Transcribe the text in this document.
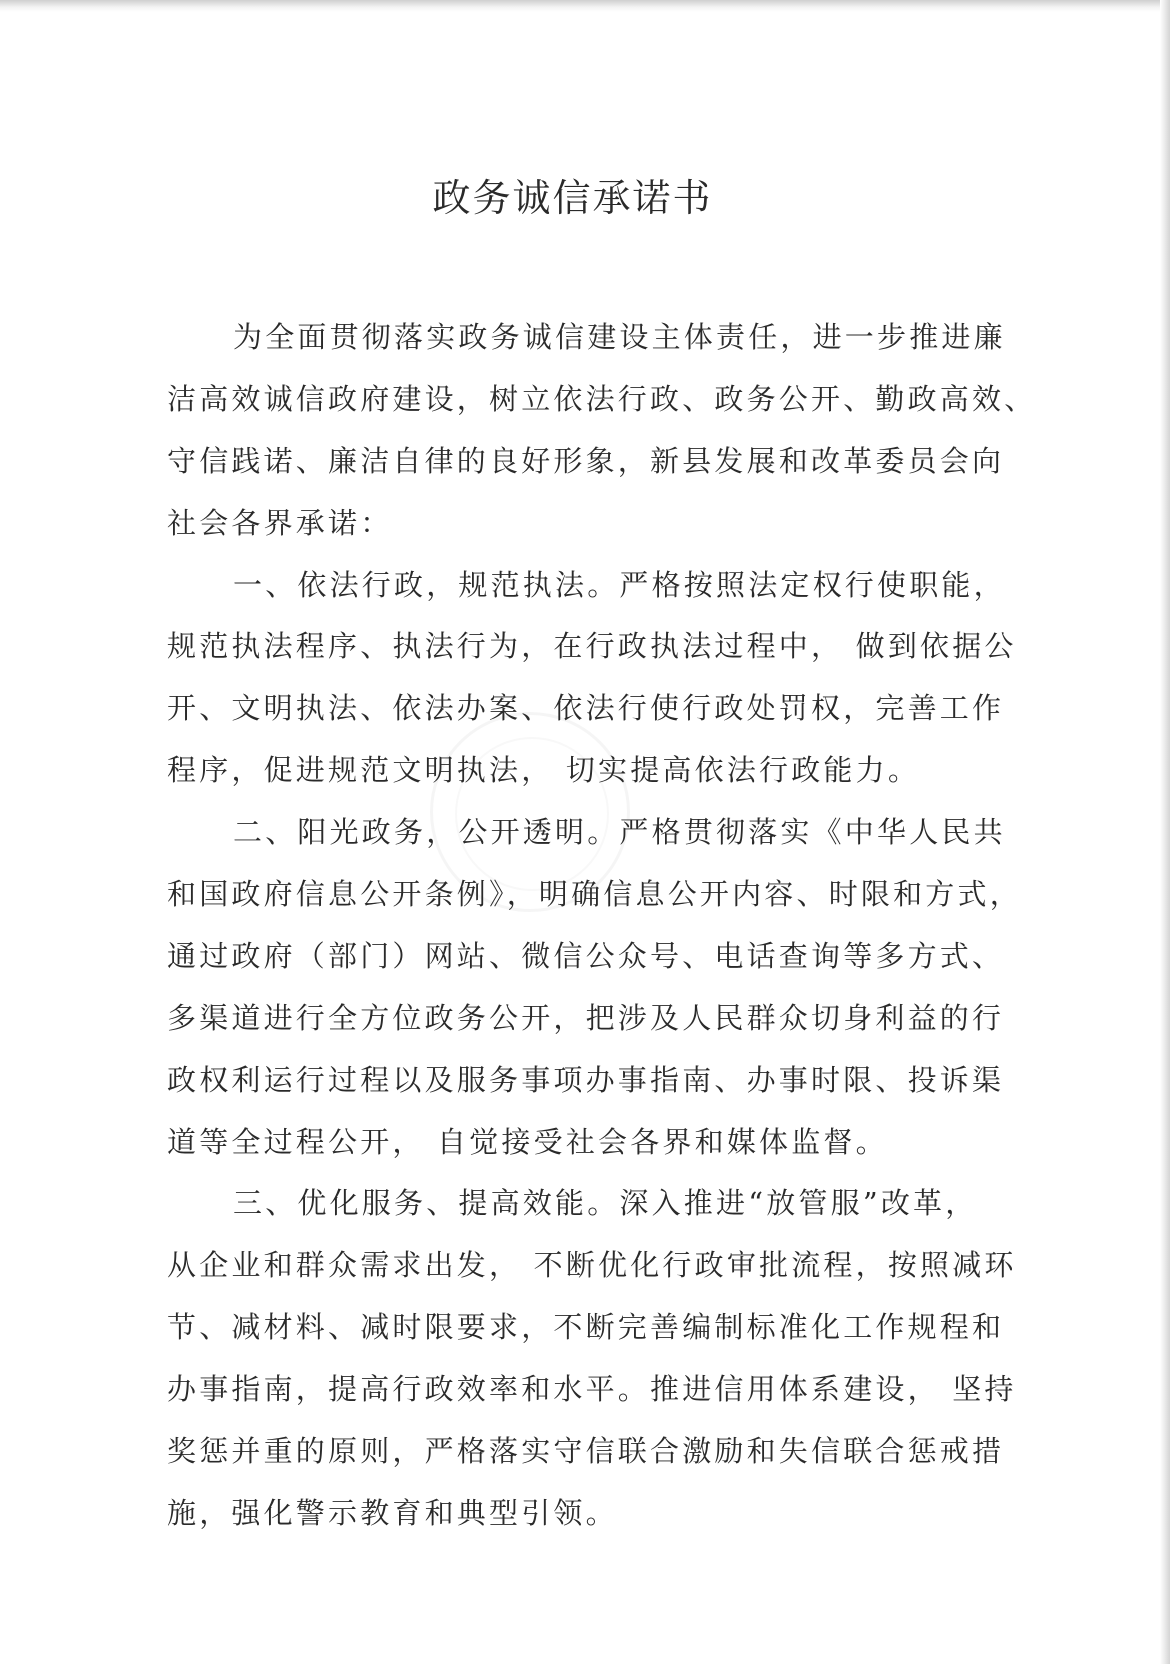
政务诚信承诺书
为全面贯彻落实政务诚信建设主体责任，进一步推进廉
洁高效诚信政府建设，树立依法行政、政务公开、勤政高效、
守信践诺、廉洁自律的良好形象，新县发展和改革委员会向
社会各界承诺：
一、依法行政，规范执法。严格按照法定权行使职能，
规范执法程序、执法行为，在行政执法过程中， 做到依据公
开、文明执法、依法办案、依法行使行政处罚权，完善工作
程序，促进规范文明执法， 切实提高依法行政能力。
二、阳光政务，公开透明。严格贯彻落实《中华人民共
和国政府信息公开条例》，明确信息公开内容、时限和方式，
通过政府（部门）网站、微信公众号、电话查询等多方式、
多渠道进行全方位政务公开，把涉及人民群众切身利益的行
政权利运行过程以及服务事项办事指南、办事时限、投诉渠
道等全过程公开， 自觉接受社会各界和媒体监督。
三、优化服务、提高效能。深入推进“放管服”改革，
从企业和群众需求出发， 不断优化行政审批流程，按照减环
节、减材料、减时限要求，不断完善编制标准化工作规程和
办事指南，提高行政效率和水平。推进信用体系建设， 坚持
奖惩并重的原则，严格落实守信联合激励和失信联合惩戒措
施，强化警示教育和典型引领。
